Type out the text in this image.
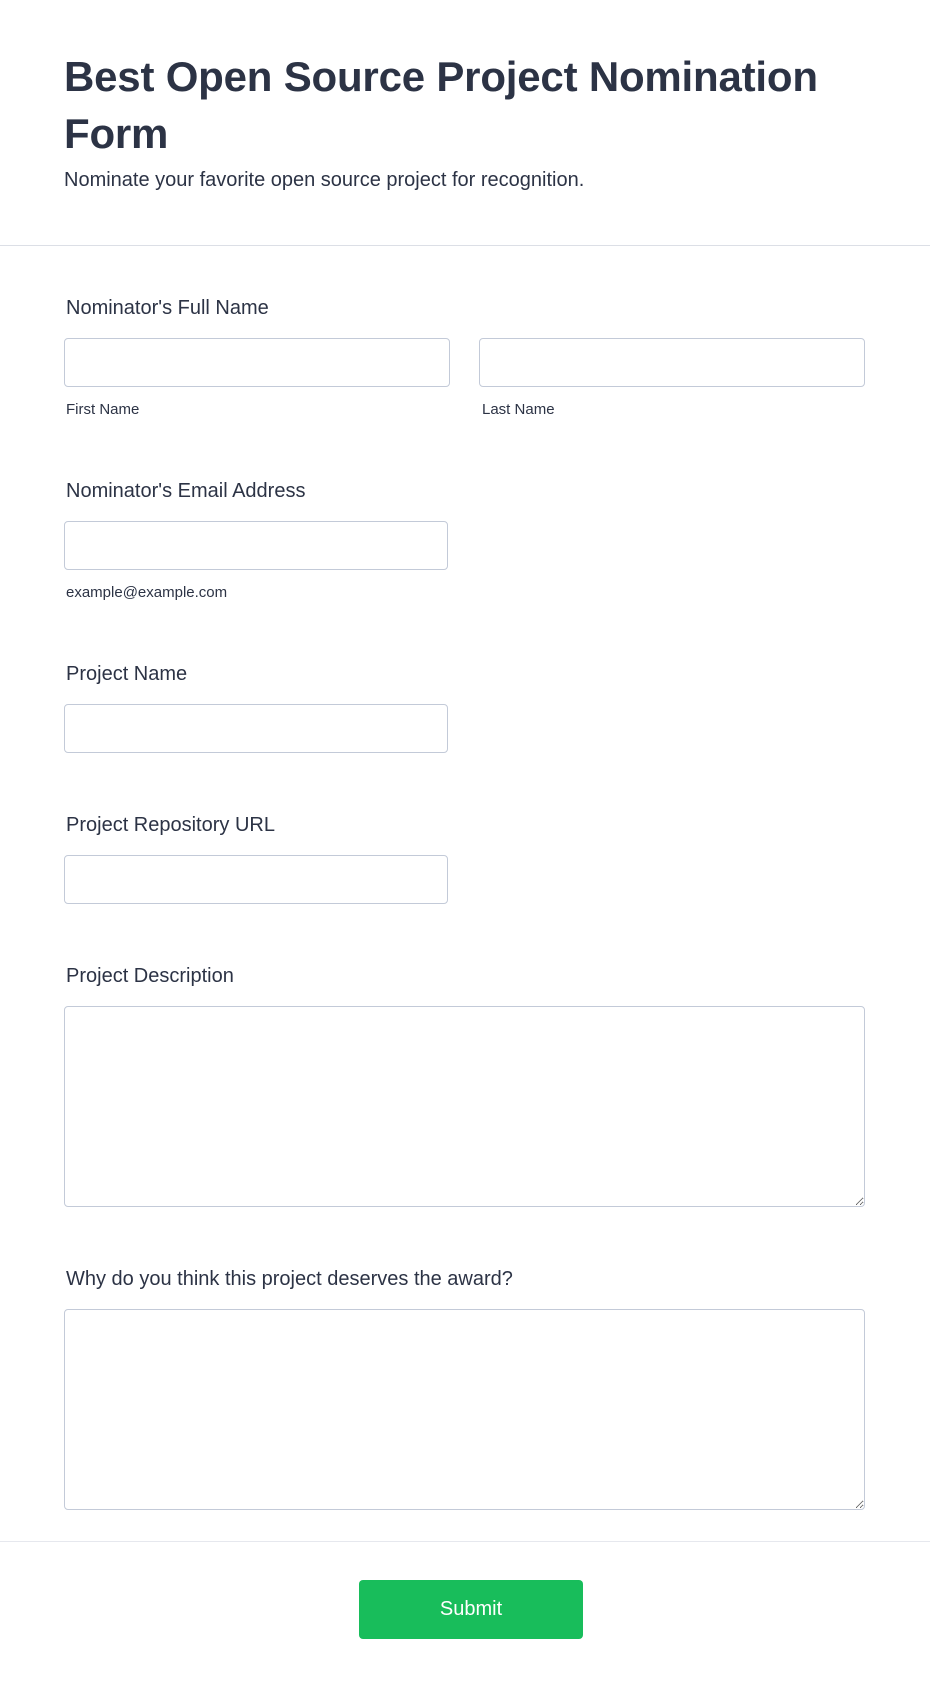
Best Open Source Project Nomination Form

Nominate your favorite open source project for recognition.

Nominator's Full Name
First Name	Last Name
Nominator's Email Address
example@example.com
Project Name
Project Repository URL
Project Description
Why do you think this project deserves the award?
Submit
